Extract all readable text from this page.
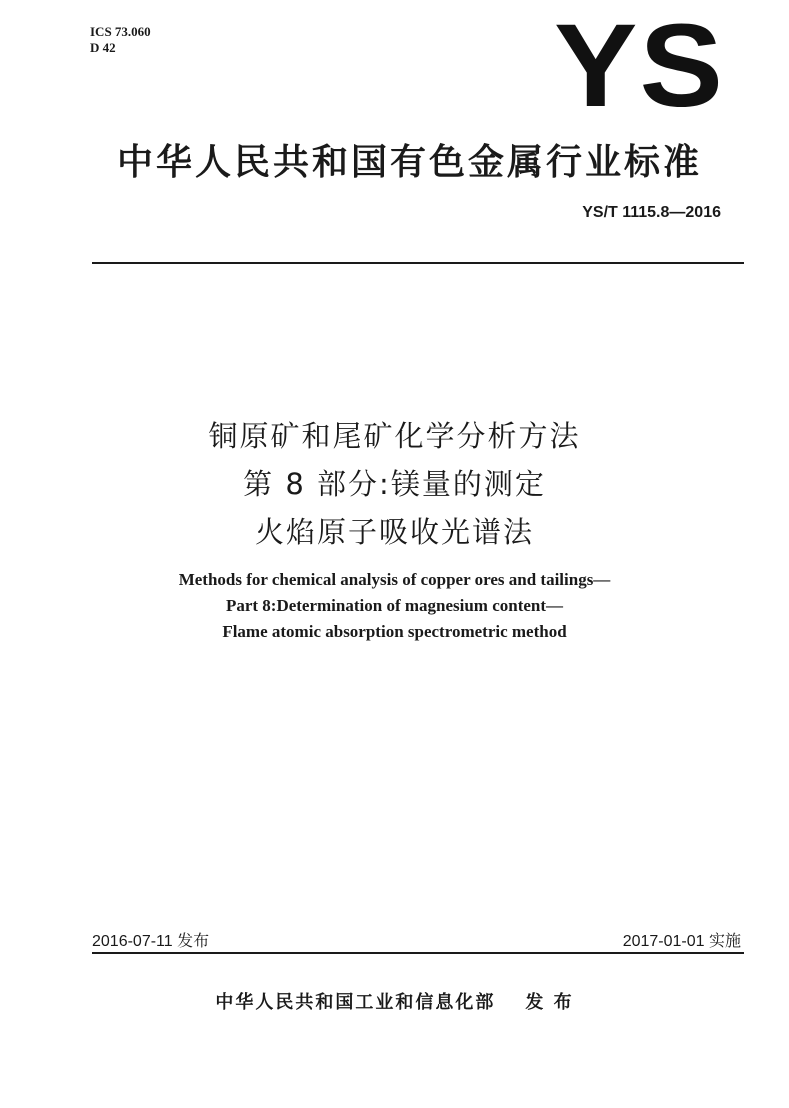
ICS 73.060
D 42	YS
中华人民共和国有色金属行业标准
YS/T 1115.8—2016
铜原矿和尾矿化学分析方法
第 8 部分:镁量的测定
火焰原子吸收光谱法
Methods for chemical analysis of copper ores and tailings—
Part 8:Determination of magnesium content—
Flame atomic absorption spectrometric method
2016-07-11 发布	2017-01-01 实施
中华人民共和国工业和信息化部 发 布
